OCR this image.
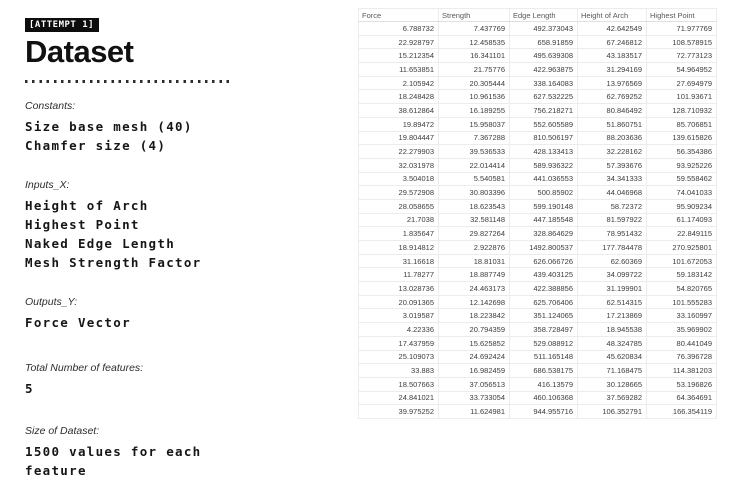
[ATTEMPT 1]
Dataset
Constants:
Size base mesh (40)
Chamfer size (4)
Inputs_X:
Height of Arch
Highest Point
Naked Edge Length
Mesh Strength Factor
Outputs_Y:
Force Vector
Total Number of features:
5
Size of Dataset:
1500 values for each feature
Force	Strength	Edge Length	Height of Arch	Highest Point
6.788732	7.437769	492.373043	42.642549	71.977769
22.928797	12.458535	658.91859	67.246812	108.578915
15.212354	16.341101	495.639308	43.183517	72.773123
11.653851	21.75776	422.963875	31.294169	54.964952
2.105942	20.305444	338.164083	13.976569	27.694979
18.248428	10.961536	627.532225	62.769252	101.93671
38.612864	16.189255	756.218271	80.846492	128.710932
19.89472	15.958037	552.605589	51.860751	85.706851
19.804447	7.367288	810.506197	88.203636	139.615826
22.279903	39.536533	428.133413	32.228162	56.354386
32.031978	22.014414	589.936322	57.393676	93.925226
3.504018	5.540581	441.036553	34.341333	59.558462
29.572908	30.803396	500.85902	44.046968	74.041033
28.058655	18.623543	599.190148	58.72372	95.909234
21.7038	32.581148	447.185548	81.597922	61.174093
1.835647	29.827264	328.864629	78.951432	22.849115
18.914812	2.922876	1492.800537	177.784478	270.925801
31.16618	18.81031	626.066726	62.60369	101.672053
11.78277	18.887749	439.403125	34.099722	59.183142
13.028736	24.463173	422.388856	31.199901	54.820765
20.091365	12.142698	625.706406	62.514315	101.555283
3.019587	18.223842	351.124065	17.213869	33.160997
4.22336	20.794359	358.728497	18.945538	35.969902
17.437959	15.625852	529.088912	48.324785	80.441049
25.109073	24.692424	511.165148	45.620834	76.396728
33.883	16.982459	686.538175	71.168475	114.381203
18.507663	37.056513	416.13579	30.128665	53.196826
24.841021	33.733054	460.106368	37.569282	64.364691
39.975252	11.624981	944.955716	106.352791	166.354119
